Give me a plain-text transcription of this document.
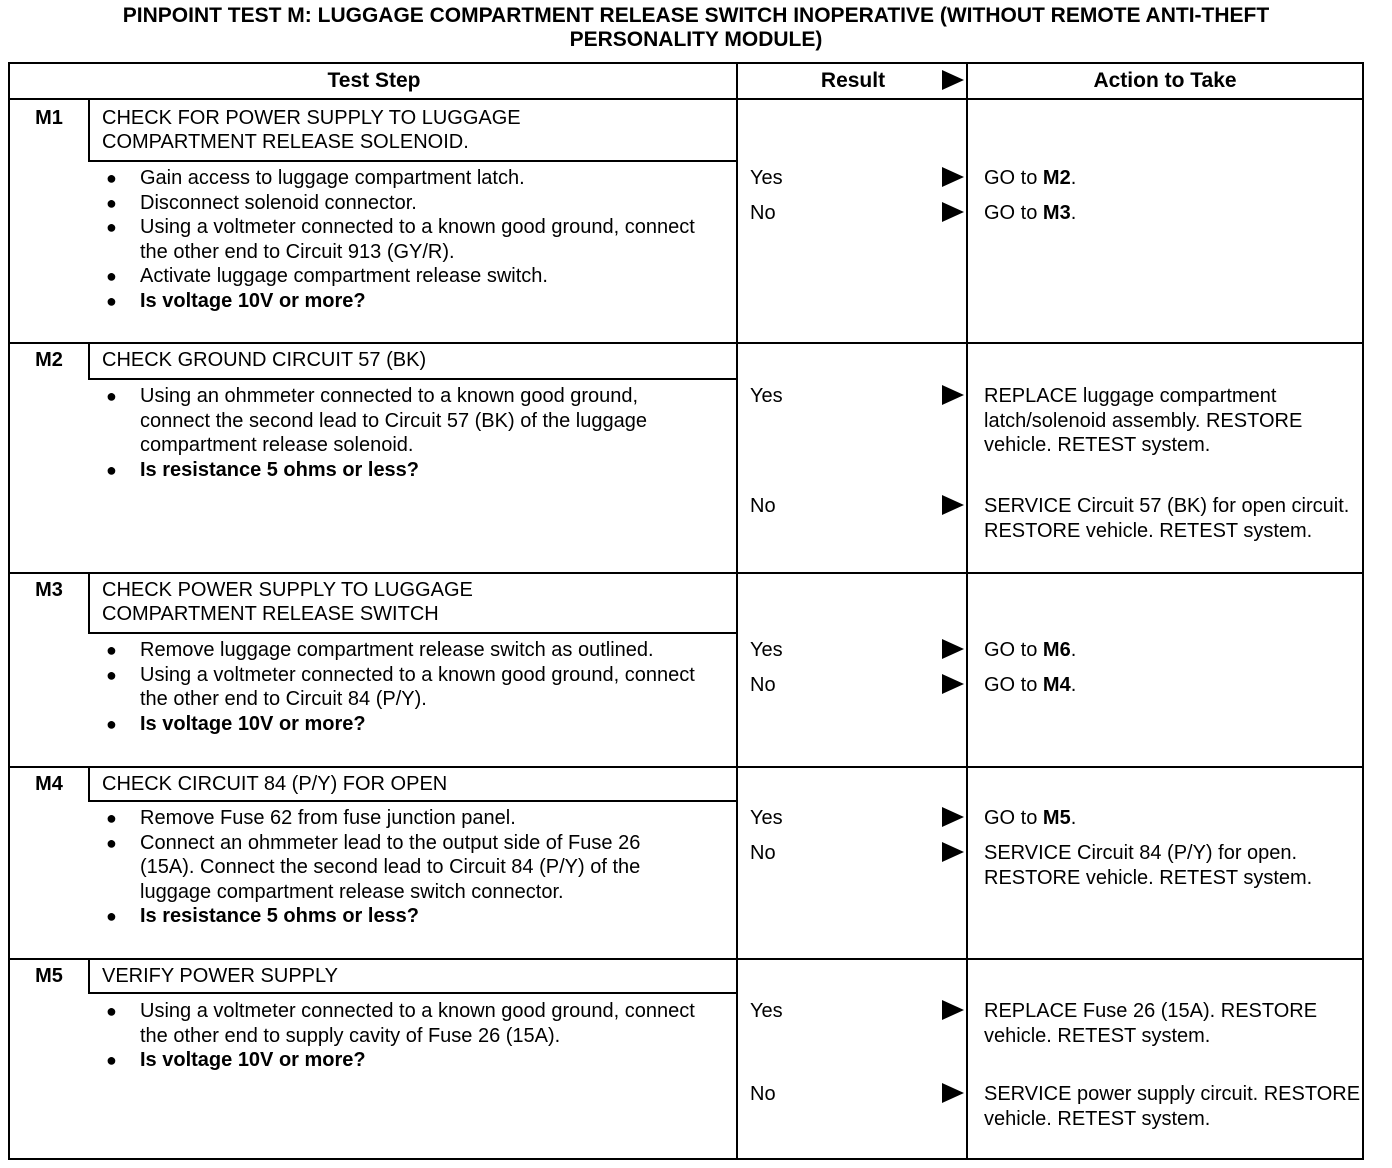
PINPOINT TEST M: LUGGAGE COMPARTMENT RELEASE SWITCH INOPERATIVE (WITHOUT REMOTE ANTI-THEFT
PERSONALITY MODULE)
Test Step	Result	Action to Take
M1	CHECK FOR POWER SUPPLY TO LUGGAGE
COMPARTMENT RELEASE SOLENOID.
● Gain access to luggage compartment latch.
● Disconnect solenoid connector.
● Using a voltmeter connected to a known good ground, connect the other end to Circuit 913 (GY/R).
● Activate luggage compartment release switch.
● Is voltage 10V or more?
Yes	GO to M2.
No	GO to M3.
M2	CHECK GROUND CIRCUIT 57 (BK)
● Using an ohmmeter connected to a known good ground, connect the second lead to Circuit 57 (BK) of the luggage compartment release solenoid.
● Is resistance 5 ohms or less?
Yes	REPLACE luggage compartment latch/solenoid assembly. RESTORE vehicle. RETEST system.
No	SERVICE Circuit 57 (BK) for open circuit. RESTORE vehicle. RETEST system.
M3	CHECK POWER SUPPLY TO LUGGAGE
COMPARTMENT RELEASE SWITCH
● Remove luggage compartment release switch as outlined.
● Using a voltmeter connected to a known good ground, connect the other end to Circuit 84 (P/Y).
● Is voltage 10V or more?
Yes	GO to M6.
No	GO to M4.
M4	CHECK CIRCUIT 84 (P/Y) FOR OPEN
● Remove Fuse 62 from fuse junction panel.
● Connect an ohmmeter lead to the output side of Fuse 26 (15A). Connect the second lead to Circuit 84 (P/Y) of the luggage compartment release switch connector.
● Is resistance 5 ohms or less?
Yes	GO to M5.
No	SERVICE Circuit 84 (P/Y) for open. RESTORE vehicle. RETEST system.
M5	VERIFY POWER SUPPLY
● Using a voltmeter connected to a known good ground, connect the other end to supply cavity of Fuse 26 (15A).
● Is voltage 10V or more?
Yes	REPLACE Fuse 26 (15A). RESTORE vehicle. RETEST system.
No	SERVICE power supply circuit. RESTORE vehicle. RETEST system.
